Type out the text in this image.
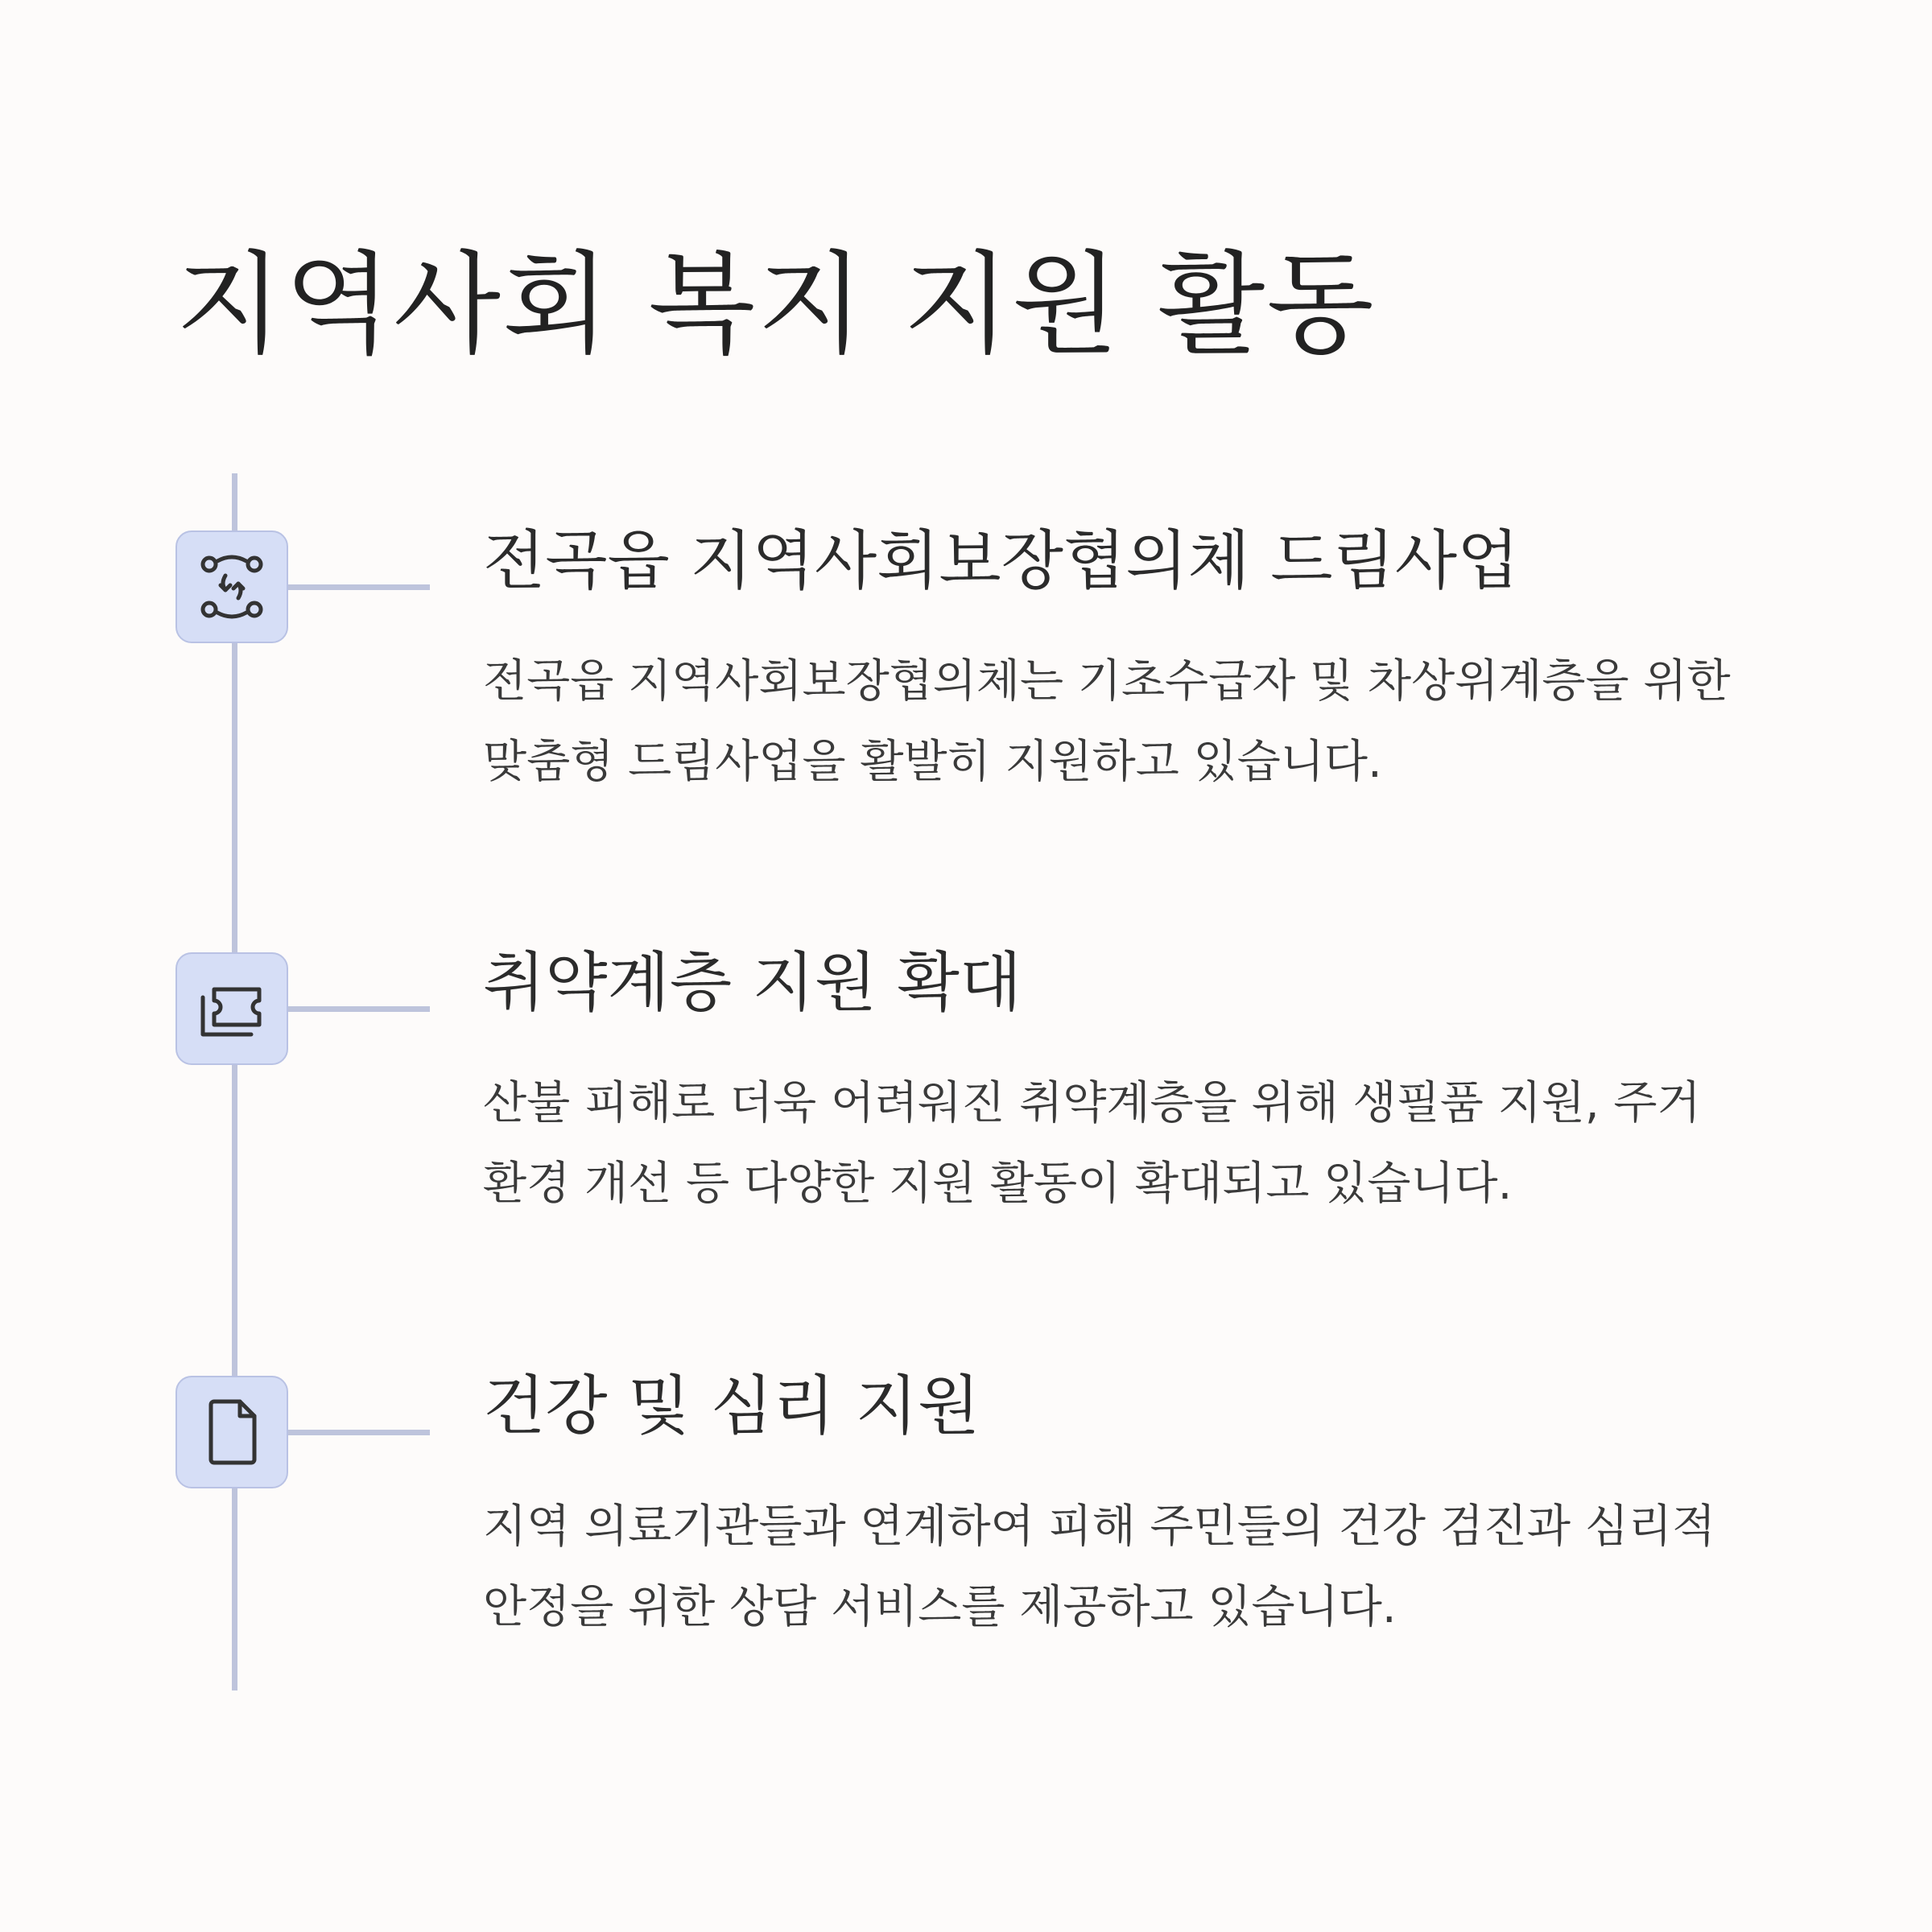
지역사회 복지 지원 활동
전곡읍 지역사회보장협의체 드림사업

전곡읍 지역사회보장협의체는 기초수급자 및 차상위계층을 위한 맞춤형 드림사업을 활발히 지원하고 있습니다.

취약계층 지원 확대

산불 피해로 더욱 어려워진 취약계층을 위해 생필품 지원, 주거 환경 개선 등 다양한 지원 활동이 확대되고 있습니다.

건강 및 심리 지원

지역 의료기관들과 연계하여 피해 주민들의 건강 검진과 심리적 안정을 위한 상담 서비스를 제공하고 있습니다.
